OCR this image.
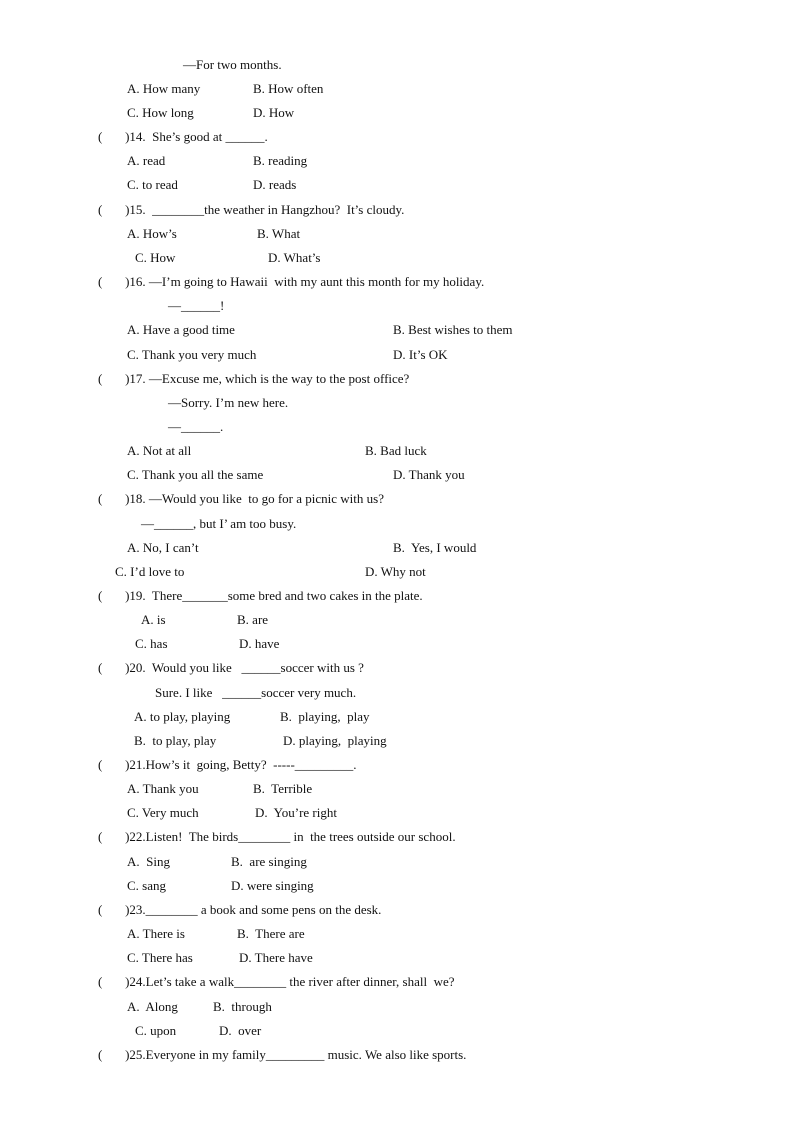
—For two months.
A. How many	B. How often
C. How long	D. How
(       )14.  She’s good at ______.
A. read	B. reading
C. to read	D. reads
(       )15.  ________the weather in Hangzhou?  It’s cloudy.
A. How’s	B. What
C. How	D. What’s
(       )16. —I’m going to Hawaii  with my aunt this month for my holiday.
—______!
A. Have a good time	B. Best wishes to them
C. Thank you very much	D. It’s OK
(       )17. —Excuse me, which is the way to the post office?
—Sorry. I’m new here.
—______.
A. Not at all	B. Bad luck
C. Thank you all the same	D. Thank you
(       )18. —Would you like  to go for a picnic with us?
—______, but I’ am too busy.
A. No, I can’t	B.  Yes, I would
C. I’d love to	D. Why not
(       )19.  There_______some bred and two cakes in the plate.
A. is	B. are
C. has	D. have
(       )20.  Would you like   ______soccer with us ?
Sure. I like   ______soccer very much.
A. to play, playing	B.  playing,  play
B.  to play, play	D. playing,  playing
(       )21.How’s it  going, Betty?  -----_________.
A. Thank you	B.  Terrible
C. Very much	D.  You’re right
(       )22.Listen!  The birds________ in  the trees outside our school.
A.  Sing	B.  are singing
C. sang	D. were singing
(       )23.________ a book and some pens on the desk.
A. There is	B.  There are
C. There has	D. There have
(       )24.Let’s take a walk________ the river after dinner, shall  we?
A.  Along	B.  through
C. upon	D.  over
(       )25.Everyone in my family_________ music. We also like sports.
